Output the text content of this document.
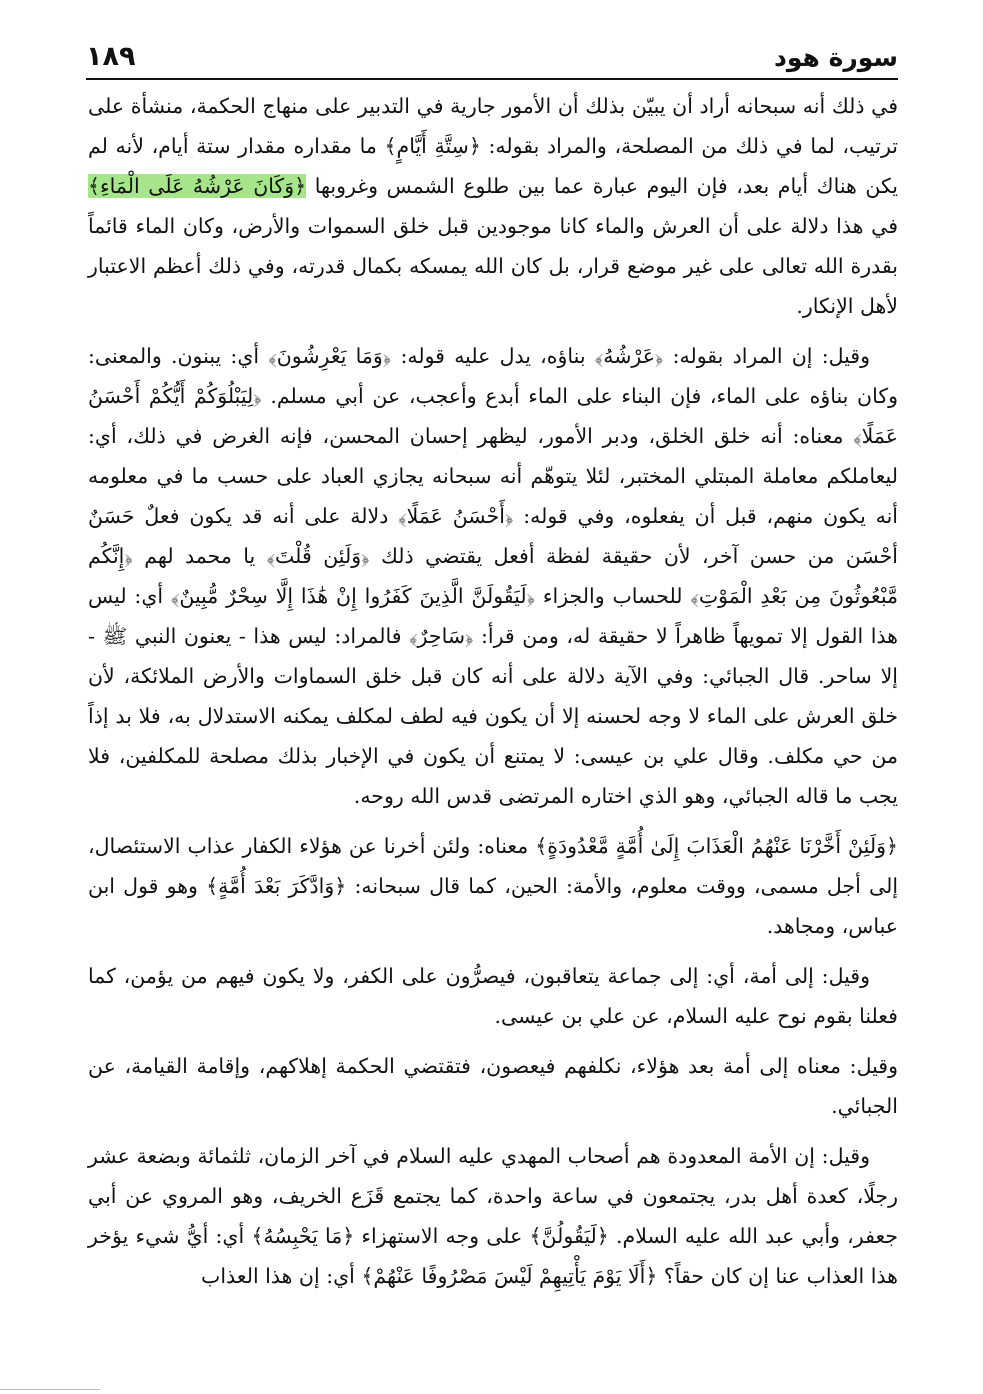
سورة هود
١٨٩

في ذلك أنه سبحانه أراد أن يبيّن بذلك أن الأمور جارية في التدبير على منهاج الحكمة، منشأة على ترتيب، لما في ذلك من المصلحة، والمراد بقوله: ﴿سِتَّةِ أَيَّامٍ﴾ ما مقداره مقدار ستة أيام، لأنه لم يكن هناك أيام بعد، فإن اليوم عبارة عما بين طلوع الشمس وغروبها ﴿وَكَانَ عَرْشُهُ عَلَى الْمَاءِ﴾ في هذا دلالة على أن العرش والماء كانا موجودين قبل خلق السموات والأرض، وكان الماء قائماً بقدرة الله تعالى على غير موضع قرار، بل كان الله يمسكه بكمال قدرته، وفي ذلك أعظم الاعتبار لأهل الإنكار.

وقيل: إن المراد بقوله: ﴿عَرْشُهُ﴾ بناؤه، يدل عليه قوله: ﴿وَمَا يَعْرِشُونَ﴾ أي: يبنون. والمعنى: وكان بناؤه على الماء، فإن البناء على الماء أبدع وأعجب، عن أبي مسلم. ﴿لِيَبْلُوَكُمْ أَيُّكُمْ أَحْسَنُ عَمَلًا﴾ معناه: أنه خلق الخلق، ودبر الأمور، ليظهر إحسان المحسن، فإنه الغرض في ذلك، أي: ليعاملكم معاملة المبتلي المختبر، لئلا يتوهّم أنه سبحانه يجازي العباد على حسب ما في معلومه أنه يكون منهم، قبل أن يفعلوه، وفي قوله: ﴿أَحْسَنُ عَمَلًا﴾ دلالة على أنه قد يكون فعلٌ حَسَنٌ أحْسَن من حسن آخر، لأن حقيقة لفظة أفعل يقتضي ذلك ﴿وَلَئِن قُلْتَ﴾ يا محمد لهم ﴿إِنَّكُم مَّبْعُوثُونَ مِن بَعْدِ الْمَوْتِ﴾ للحساب والجزاء ﴿لَيَقُولَنَّ الَّذِينَ كَفَرُوا إِنْ هَٰذَا إِلَّا سِحْرٌ مُّبِينٌ﴾ أي: ليس هذا القول إلا تمويهاً ظاهراً لا حقيقة له، ومن قرأ: ﴿سَاحِرٌ﴾ فالمراد: ليس هذا - يعنون النبي ﷺ - إلا ساحر. قال الجبائي: وفي الآية دلالة على أنه كان قبل خلق السماوات والأرض الملائكة، لأن خلق العرش على الماء لا وجه لحسنه إلا أن يكون فيه لطف لمكلف يمكنه الاستدلال به، فلا بد إذاً من حي مكلف. وقال علي بن عيسى: لا يمتنع أن يكون في الإخبار بذلك مصلحة للمكلفين، فلا يجب ما قاله الجبائي، وهو الذي اختاره المرتضى قدس الله روحه.

﴿وَلَئِنْ أَخَّرْنَا عَنْهُمُ الْعَذَابَ إِلَىٰ أُمَّةٍ مَّعْدُودَةٍ﴾ معناه: ولئن أخرنا عن هؤلاء الكفار عذاب الاستئصال، إلى أجل مسمى، ووقت معلوم، والأمة: الحين، كما قال سبحانه: ﴿وَادَّكَرَ بَعْدَ أُمَّةٍ﴾ وهو قول ابن عباس، ومجاهد.

وقيل: إلى أمة، أي: إلى جماعة يتعاقبون، فيصرُّون على الكفر، ولا يكون فيهم من يؤمن، كما فعلنا بقوم نوح عليه السلام، عن علي بن عيسى.

وقيل: معناه إلى أمة بعد هؤلاء، نكلفهم فيعصون، فتقتضي الحكمة إهلاكهم، وإقامة القيامة، عن الجبائي.

وقيل: إن الأمة المعدودة هم أصحاب المهدي عليه السلام في آخر الزمان، ثلثمائة وبضعة عشر رجلًا، كعدة أهل بدر، يجتمعون في ساعة واحدة، كما يجتمع قَزَع الخريف، وهو المروي عن أبي جعفر، وأبي عبد الله عليه السلام. ﴿لَيَقُولُنَّ﴾ على وجه الاستهزاء ﴿مَا يَحْبِسُهُ﴾ أي: أيُّ شيء يؤخر هذا العذاب عنا إن كان حقاً؟ ﴿أَلَا يَوْمَ يَأْتِيهِمْ لَيْسَ مَصْرُوفًا عَنْهُمْ﴾ أي: إن هذا العذاب
